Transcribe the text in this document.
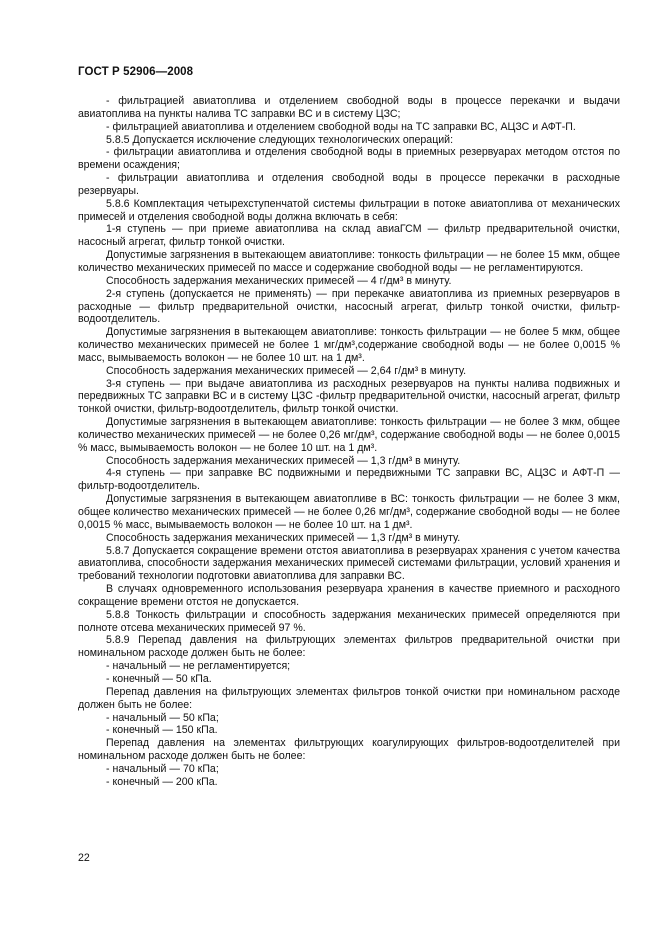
ГОСТ Р 52906—2008

- фильтрацией авиатоплива и отделением свободной воды в процессе перекачки и выдачи авиатоплива на пункты налива ТС заправки ВС и в систему ЦЗС;

- фильтрацией авиатоплива и отделением свободной воды на ТС заправки ВС, АЦЗС и АФТ-П.

5.8.5 Допускается исключение следующих технологических операций:

- фильтрации авиатоплива и отделения свободной воды в приемных резервуарах методом отстоя по времени осаждения;

- фильтрации авиатоплива и отделения свободной воды в процессе перекачки в расходные резервуары.

5.8.6 Комплектация четырехступенчатой системы фильтрации в потоке авиатоплива от механических примесей и отделения свободной воды должна включать в себя:

1-я ступень — при приеме авиатоплива на склад авиаГСМ — фильтр предварительной очистки, насосный агрегат, фильтр тонкой очистки.

Допустимые загрязнения в вытекающем авиатопливе: тонкость фильтрации — не более 15 мкм, общее количество механических примесей по массе и содержание свободной воды — не регламентируются.

Способность задержания механических примесей — 4 г/дм³ в минуту.

2-я ступень (допускается не применять) — при перекачке авиатоплива из приемных резервуаров в расходные — фильтр предварительной очистки, насосный агрегат, фильтр тонкой очистки, фильтр-водоотделитель.

Допустимые загрязнения в вытекающем авиатопливе: тонкость фильтрации — не более 5 мкм, общее количество механических примесей не более 1 мг/дм³,содержание свободной воды — не более 0,0015 % масс, вымываемость волокон — не более 10 шт. на 1 дм³.

Способность задержания механических примесей — 2,64 г/дм³ в минуту.

3-я ступень — при выдаче авиатоплива из расходных резервуаров на пункты налива подвижных и передвижных ТС заправки ВС и в систему ЦЗС -фильтр предварительной очистки, насосный агрегат, фильтр тонкой очистки, фильтр-водоотделитель, фильтр тонкой очистки.

Допустимые загрязнения в вытекающем авиатопливе: тонкость фильтрации — не более 3 мкм, общее количество механических примесей — не более 0,26 мг/дм³, содержание свободной воды — не более 0,0015 % масс, вымываемость волокон — не более 10 шт. на 1 дм³.

Способность задержания механических примесей — 1,3 г/дм³ в минуту.

4-я ступень — при заправке ВС подвижными и передвижными ТС заправки ВС, АЦЗС и АФТ-П — фильтр-водоотделитель.

Допустимые загрязнения в вытекающем авиатопливе в ВС: тонкость фильтрации — не более 3 мкм, общее количество механических примесей — не более 0,26 мг/дм³, содержание свободной воды — не более 0,0015 % масс, вымываемость волокон — не более 10 шт. на 1 дм³.

Способность задержания механических примесей — 1,3 г/дм³ в минуту.

5.8.7 Допускается сокращение времени отстоя авиатоплива в резервуарах хранения с учетом качества авиатоплива, способности задержания механических примесей системами фильтрации, условий хранения и требований технологии подготовки авиатоплива для заправки ВС.

В случаях одновременного использования резервуара хранения в качестве приемного и расходного сокращение времени отстоя не допускается.

5.8.8 Тонкость фильтрации и способность задержания механических примесей определяются при полноте отсева механических примесей 97 %.

5.8.9 Перепад давления на фильтрующих элементах фильтров предварительной очистки при номинальном расходе должен быть не более:

- начальный — не регламентируется;

- конечный — 50 кПа.

Перепад давления на фильтрующих элементах фильтров тонкой очистки при номинальном расходе должен быть не более:

- начальный — 50 кПа;

- конечный — 150 кПа.

Перепад давления на элементах фильтрующих коагулирующих фильтров-водоотделителей при номинальном расходе должен быть не более:

- начальный — 70 кПа;

- конечный — 200 кПа.

22
